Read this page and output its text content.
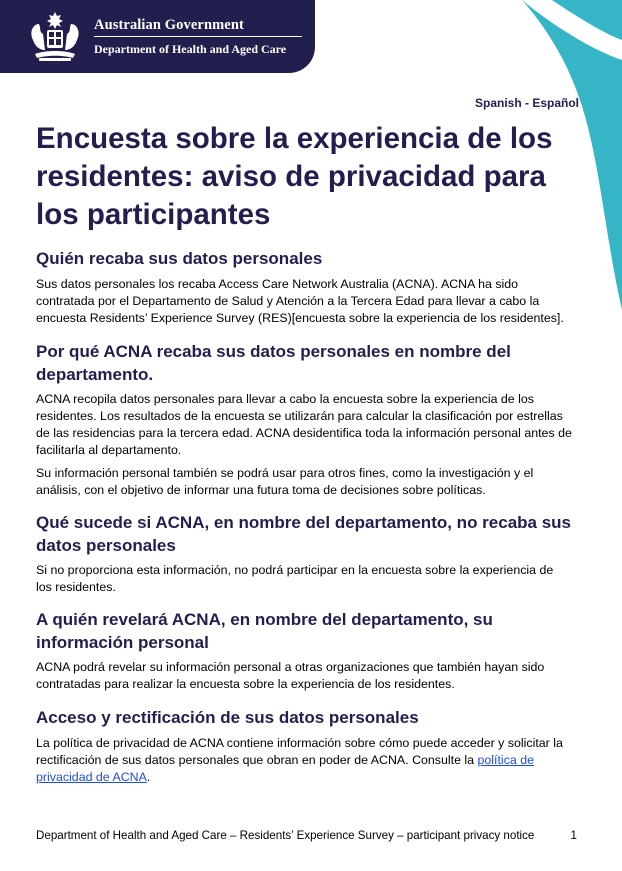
Australian Government
Department of Health and Aged Care
Spanish - Español
Encuesta sobre la experiencia de los residentes: aviso de privacidad para los participantes
Quién recaba sus datos personales

Sus datos personales los recaba Access Care Network Australia (ACNA). ACNA ha sido contratada por el Departamento de Salud y Atención a la Tercera Edad para llevar a cabo la encuesta Residents’ Experience Survey (RES)[encuesta sobre la experiencia de los residentes].

Por qué ACNA recaba sus datos personales en nombre del departamento.

ACNA recopila datos personales para llevar a cabo la encuesta sobre la experiencia de los residentes. Los resultados de la encuesta se utilizarán para calcular la clasificación por estrellas de las residencias para la tercera edad. ACNA desidentifica toda la información personal antes de facilitarla al departamento.

Su información personal también se podrá usar para otros fines, como la investigación y el análisis, con el objetivo de informar una futura toma de decisiones sobre políticas.

Qué sucede si ACNA, en nombre del departamento, no recaba sus datos personales

Si no proporciona esta información, no podrá participar en la encuesta sobre la experiencia de los residentes.

A quién revelará ACNA, en nombre del departamento, su información personal

ACNA podrá revelar su información personal a otras organizaciones que también hayan sido contratadas para realizar la encuesta sobre la experiencia de los residentes.

Acceso y rectificación de sus datos personales

La política de privacidad de ACNA contiene información sobre cómo puede acceder y solicitar la rectificación de sus datos personales que obran en poder de ACNA. Consulte la política de privacidad de ACNA.

Department of Health and Aged Care – Residents’ Experience Survey – participant privacy notice	1
